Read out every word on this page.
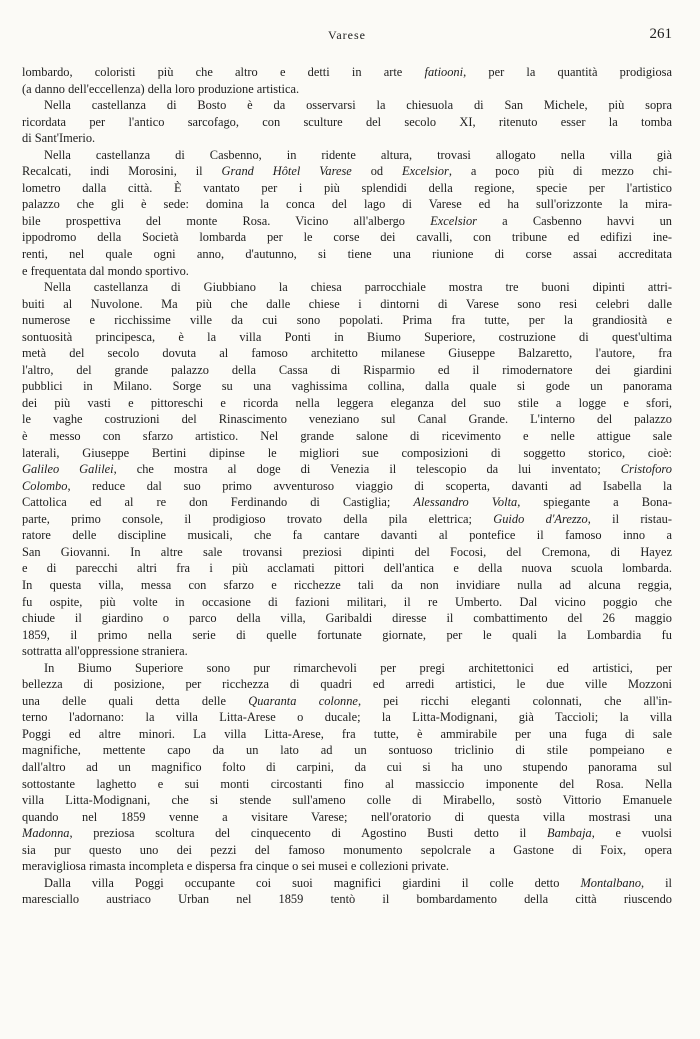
Varese	261

lombardo, coloristi più che altro e detti in arte fatiooni, per la quantità prodigiosa
(a danno dell'eccellenza) della loro produzione artistica.

Nella castellanza di Bosto è da osservarsi la chiesuola di San Michele, più sopra
ricordata per l'antico sarcofago, con sculture del secolo XI, ritenuto esser la tomba
di Sant'Imerio.

Nella castellanza di Casbenno, in ridente altura, trovasi allogato nella villa già
Recalcati, indi Morosini, il Grand Hôtel Varese od Excelsior, a poco più di mezzo chi-
lometro dalla città. È vantato per i più splendidi della regione, specie per l'artistico
palazzo che gli è sede: domina la conca del lago di Varese ed ha sull'orizzonte la mira-
bile prospettiva del monte Rosa. Vicino all'albergo Excelsior a Casbenno havvi un
ippodromo della Società lombarda per le corse dei cavalli, con tribune ed edifizi ine-
renti, nel quale ogni anno, d'autunno, si tiene una riunione di corse assai accreditata
e frequentata dal mondo sportivo.

Nella castellanza di Giubbiano la chiesa parrocchiale mostra tre buoni dipinti attri-
buiti al Nuvolone. Ma più che dalle chiese i dintorni di Varese sono resi celebri dalle
numerose e ricchissime ville da cui sono popolati. Prima fra tutte, per la grandiosità e
sontuosità principesca, è la villa Ponti in Biumo Superiore, costruzione di quest'ultima
metà del secolo dovuta al famoso architetto milanese Giuseppe Balzaretto, l'autore, fra
l'altro, del grande palazzo della Cassa di Risparmio ed il rimodernatore dei giardini
pubblici in Milano. Sorge su una vaghissima collina, dalla quale si gode un panorama
dei più vasti e pittoreschi e ricorda nella leggera eleganza del suo stile a logge e sfori,
le vaghe costruzioni del Rinascimento veneziano sul Canal Grande. L'interno del palazzo
è messo con sfarzo artistico. Nel grande salone di ricevimento e nelle attigue sale
laterali, Giuseppe Bertini dipinse le migliori sue composizioni di soggetto storico, cioè:
Galileo Galilei, che mostra al doge di Venezia il telescopio da lui inventato; Cristoforo
Colombo, reduce dal suo primo avventuroso viaggio di scoperta, davanti ad Isabella la
Cattolica ed al re don Ferdinando di Castiglia; Alessandro Volta, spiegante a Bona-
parte, primo console, il prodigioso trovato della pila elettrica; Guido d'Arezzo, il ristau-
ratore delle discipline musicali, che fa cantare davanti al pontefice il famoso inno a
San Giovanni. In altre sale trovansi preziosi dipinti del Focosi, del Cremona, di Hayez
e di parecchi altri fra i più acclamati pittori dell'antica e della nuova scuola lombarda.
In questa villa, messa con sfarzo e ricchezze tali da non invidiare nulla ad alcuna reggia,
fu ospite, più volte in occasione di fazioni militari, il re Umberto. Dal vicino poggio che
chiude il giardino o parco della villa, Garibaldi diresse il combattimento del 26 maggio
1859, il primo nella serie di quelle fortunate giornate, per le quali la Lombardia fu
sottratta all'oppressione straniera.

In Biumo Superiore sono pur rimarchevoli per pregi architettonici ed artistici, per
bellezza di posizione, per ricchezza di quadri ed arredi artistici, le due ville Mozzoni
una delle quali detta delle Quaranta colonne, pei ricchi eleganti colonnati, che all'in-
terno l'adornano: la villa Litta-Arese o ducale; la Litta-Modignani, già Taccioli; la villa
Poggi ed altre minori. La villa Litta-Arese, fra tutte, è ammirabile per una fuga di sale
magnifiche, mettente capo da un lato ad un sontuoso triclinio di stile pompeiano e
dall'altro ad un magnifico folto di carpini, da cui si ha uno stupendo panorama sul
sottostante laghetto e sui monti circostanti fino al massiccio imponente del Rosa. Nella
villa Litta-Modignani, che si stende sull'ameno colle di Mirabello, sostò Vittorio Emanuele
quando nel 1859 venne a visitare Varese; nell'oratorio di questa villa mostrasi una
Madonna, preziosa scoltura del cinquecento di Agostino Busti detto il Bambaja, e vuolsi
sia pur questo uno dei pezzi del famoso monumento sepolcrale a Gastone di Foix, opera
meravigliosa rimasta incompleta e dispersa fra cinque o sei musei e collezioni private.

Dalla villa Poggi occupante coi suoi magnifici giardini il colle detto Montalbano, il
maresciallo austriaco Urban nel 1859 tentò il bombardamento della città riuscendo
